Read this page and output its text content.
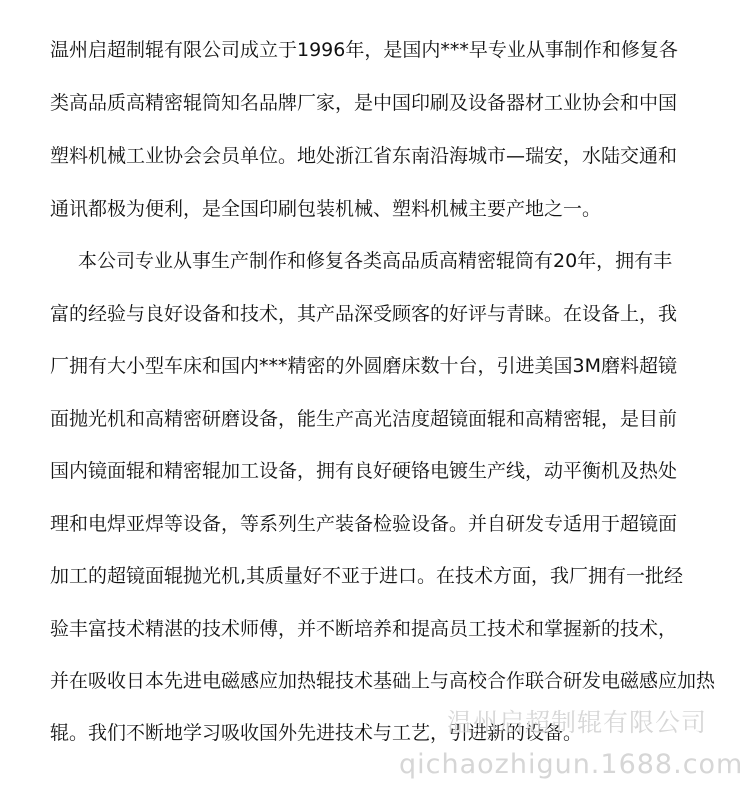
温州启超制辊有限公司成立于1996年，是国内***早专业从事制作和修复各
类高品质高精密辊筒知名品牌厂家，是中国印刷及设备器材工业协会和中国
塑料机械工业协会会员单位。地处浙江省东南沿海城市—瑞安，水陆交通和
通讯都极为便利，是全国印刷包装机械、塑料机械主要产地之一。
本公司专业从事生产制作和修复各类高品质高精密辊筒有20年，拥有丰
富的经验与良好设备和技术，其产品深受顾客的好评与青睐。在设备上，我
厂拥有大小型车床和国内***精密的外圆磨床数十台，引进美国3M磨料超镜
面抛光机和高精密研磨设备，能生产高光洁度超镜面辊和高精密辊，是目前
国内镜面辊和精密辊加工设备，拥有良好硬铬电镀生产线，动平衡机及热处
理和电焊亚焊等设备，等系列生产装备检验设备。并自研发专适用于超镜面
加工的超镜面辊抛光机,其质量好不亚于进口。在技术方面，我厂拥有一批经
验丰富技术精湛的技术师傅，并不断培养和提高员工技术和掌握新的技术，
并在吸收日本先进电磁感应加热辊技术基础上与高校合作联合研发电磁感应加热
辊。我们不断地学习吸收国外先进技术与工艺，引进新的设备。
温州启超制辊有限公司
qichaozhigun.1688.com
